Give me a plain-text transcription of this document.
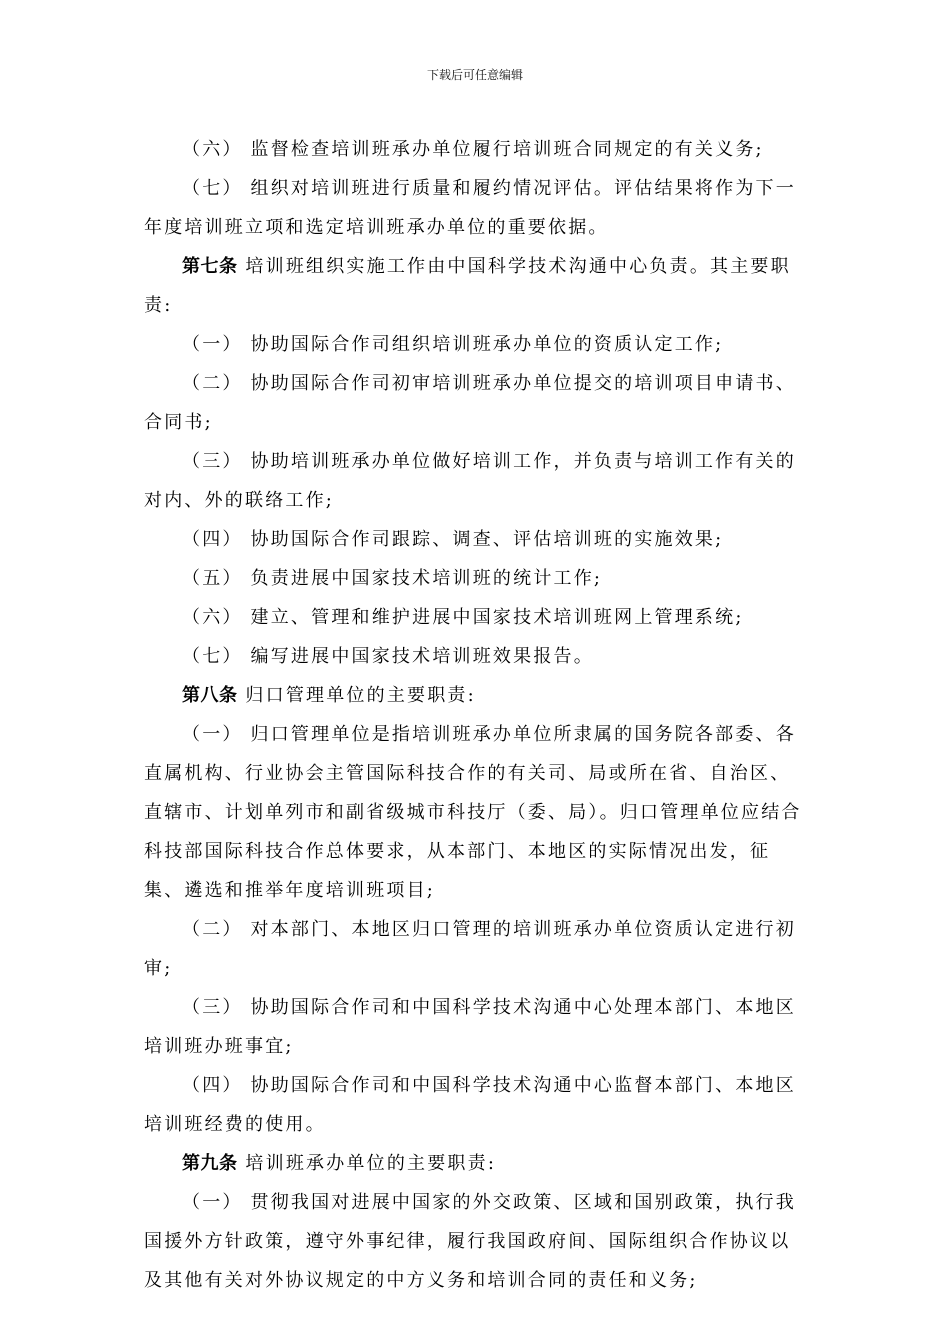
下载后可任意编辑

（六） 监督检查培训班承办单位履行培训班合同规定的有关义务;

（七） 组织对培训班进行质量和履约情况评估。评估结果将作为下一年度培训班立项和选定培训班承办单位的重要依据。

第七条 培训班组织实施工作由中国科学技术沟通中心负责。其主要职责:

（一） 协助国际合作司组织培训班承办单位的资质认定工作;

（二） 协助国际合作司初审培训班承办单位提交的培训项目申请书、合同书;

（三） 协助培训班承办单位做好培训工作，并负责与培训工作有关的对内、外的联络工作;

（四） 协助国际合作司跟踪、调查、评估培训班的实施效果;

（五） 负责进展中国家技术培训班的统计工作;

（六） 建立、管理和维护进展中国家技术培训班网上管理系统;

（七） 编写进展中国家技术培训班效果报告。

第八条 归口管理单位的主要职责:

（一） 归口管理单位是指培训班承办单位所隶属的国务院各部委、各直属机构、行业协会主管国际科技合作的有关司、局或所在省、自治区、直辖市、计划单列市和副省级城市科技厅（委、局）。归口管理单位应结合科技部国际科技合作总体要求，从本部门、本地区的实际情况出发，征集、遴选和推举年度培训班项目;

（二） 对本部门、本地区归口管理的培训班承办单位资质认定进行初审;

（三） 协助国际合作司和中国科学技术沟通中心处理本部门、本地区培训班办班事宜;

（四） 协助国际合作司和中国科学技术沟通中心监督本部门、本地区培训班经费的使用。

第九条 培训班承办单位的主要职责:

（一） 贯彻我国对进展中国家的外交政策、区域和国别政策，执行我国援外方针政策，遵守外事纪律，履行我国政府间、国际组织合作协议以及其他有关对外协议规定的中方义务和培训合同的责任和义务;
